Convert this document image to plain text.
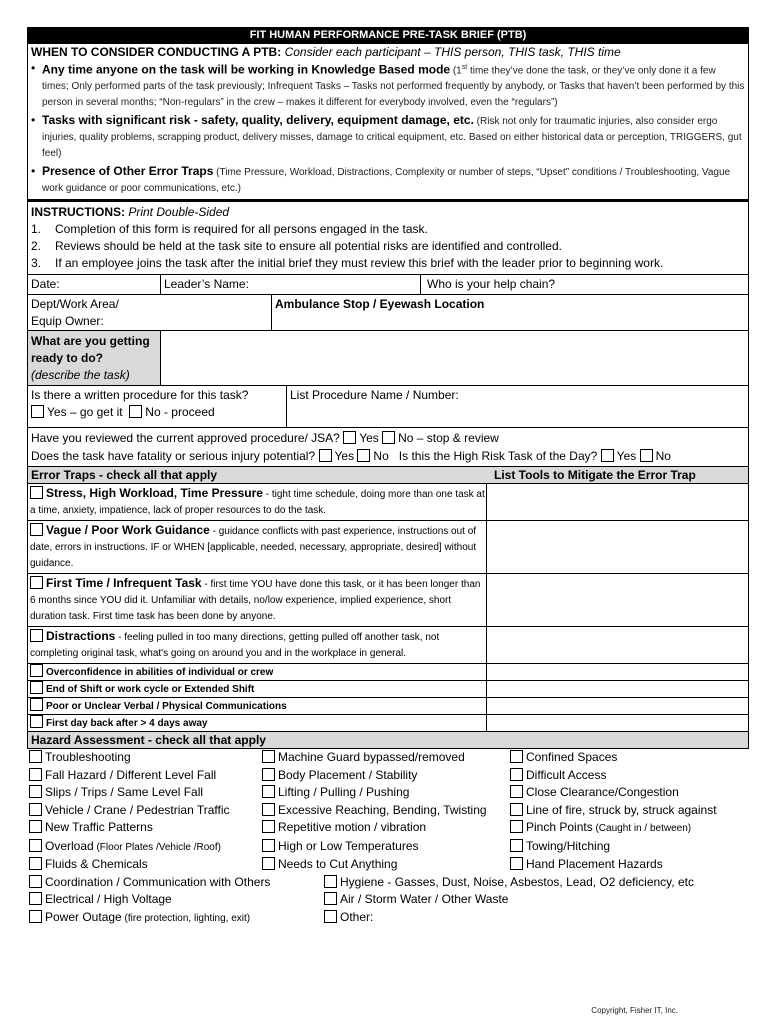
FIT HUMAN PERFORMANCE PRE-TASK BRIEF (PTB)
WHEN TO CONSIDER CONDUCTING A PTB: Consider each participant – THIS person, THIS task, THIS time
• Any time anyone on the task will be working in Knowledge Based mode (1st time they’ve done the task, or they’ve only done it a few times; Only performed parts of the task previously; Infrequent Tasks – Tasks not performed frequently by anybody, or Tasks that haven’t been performed by this person in several months; “Non-regulars” in the crew – makes it different for everybody involved, even the “regulars”)
• Tasks with significant risk - safety, quality, delivery, equipment damage, etc. (Risk not only for traumatic injuries, also consider ergo injuries, quality problems, scrapping product, delivery misses, damage to critical equipment, etc. Based on either historical data or perception, TRIGGERS, gut feel)
• Presence of Other Error Traps (Time Pressure, Workload, Distractions, Complexity or number of steps, “Upset” conditions / Troubleshooting, Vague work guidance or poor communications, etc.)
INSTRUCTIONS: Print Double-Sided
1.	Completion of this form is required for all persons engaged in the task.
2.	Reviews should be held at the task site to ensure all potential risks are identified and controlled.
3.	If an employee joins the task after the initial brief they must review this brief with the leader prior to beginning work.
Date:	Leader’s Name:	Who is your help chain?
Dept/Work Area/
Equip Owner:
Ambulance Stop / Eyewash Location
What are you getting
ready to do?
(describe the task)
Is there a written procedure for this task?
Yes – go get it No - proceed
List Procedure Name / Number:
Have you reviewed the current approved procedure/ JSA? Yes No – stop & review
Does the task have fatality or serious injury potential? Yes No Is this the High Risk Task of the Day? Yes No
Error Traps - check all that apply	List Tools to Mitigate the Error Trap
Stress, High Workload, Time Pressure - tight time schedule, doing more than one task at a time, anxiety, impatience, lack of proper resources to do the task.
Vague / Poor Work Guidance - guidance conflicts with past experience, instructions out of date, errors in instructions. IF or WHEN [applicable, needed, necessary, appropriate, desired] without guidance.
First Time / Infrequent Task - first time YOU have done this task, or it has been longer than 6 months since YOU did it. Unfamiliar with details, no/low experience, implied experience, short duration task. First time task has been done by anyone.
Distractions - feeling pulled in too many directions, getting pulled off another task, not completing original task, what's going on around you and in the workplace in general.
Overconfidence in abilities of individual or crew
End of Shift or work cycle or Extended Shift
Poor or Unclear Verbal / Physical Communications
First day back after > 4 days away
Hazard Assessment - check all that apply
Troubleshooting	Machine Guard bypassed/removed	Confined Spaces
Fall Hazard / Different Level Fall	Body Placement / Stability	Difficult Access
Slips / Trips / Same Level Fall	Lifting / Pulling / Pushing	Close Clearance/Congestion
Vehicle / Crane / Pedestrian Traffic	Excessive Reaching, Bending, Twisting	Line of fire, struck by, struck against
New Traffic Patterns	Repetitive motion / vibration	Pinch Points (Caught in / between)
Overload (Floor Plates /Vehicle /Roof)	High or Low Temperatures	Towing/Hitching
Fluids & Chemicals	Needs to Cut Anything	Hand Placement Hazards
Coordination / Communication with Others	Hygiene - Gasses, Dust, Noise, Asbestos, Lead, O2 deficiency, etc
Electrical / High Voltage	Air / Storm Water / Other Waste
Power Outage (fire protection, lighting, exit)	Other:
Copyright, Fisher IT, Inc.
